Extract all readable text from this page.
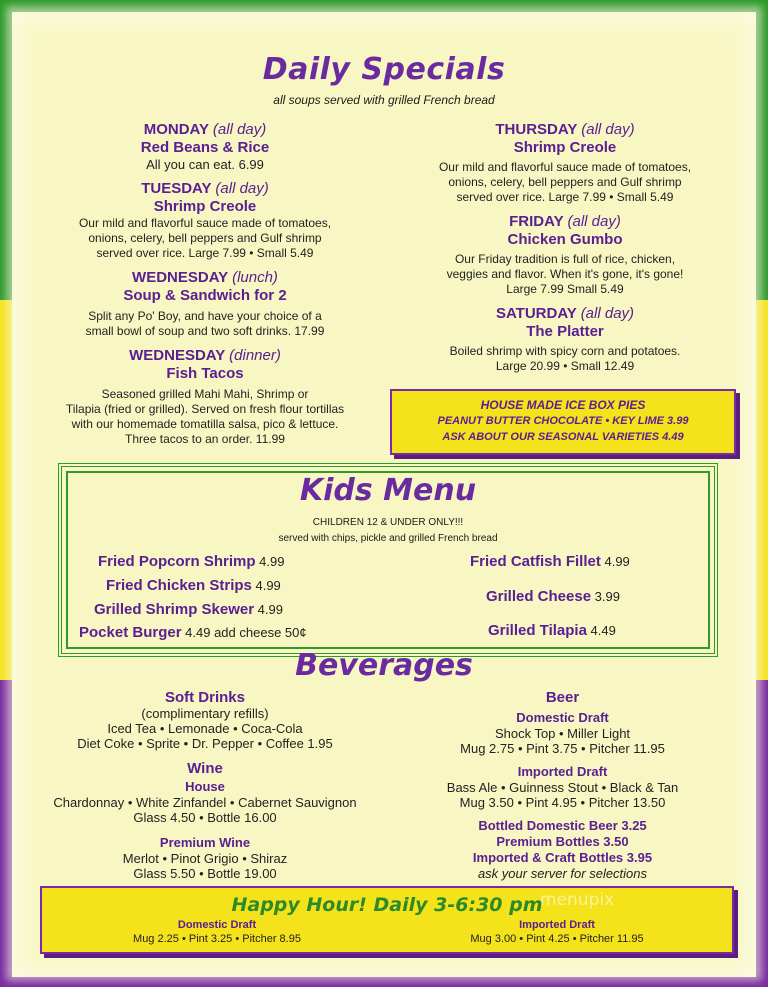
Daily Specials
all soups served with grilled French bread
MONDAY (all day)
Red Beans & Rice
All you can eat. 6.99
TUESDAY (all day)
Shrimp Creole
Our mild and flavorful sauce made of tomatoes,
onions, celery, bell peppers and Gulf shrimp
served over rice. Large 7.99 • Small 5.49
WEDNESDAY (lunch)
Soup & Sandwich for 2
Split any Po' Boy, and have your choice of a
small bowl of soup and two soft drinks. 17.99
WEDNESDAY (dinner)
Fish Tacos
Seasoned grilled Mahi Mahi, Shrimp or
Tilapia (fried or grilled). Served on fresh flour tortillas
with our homemade tomatilla salsa, pico & lettuce.
Three tacos to an order. 11.99
THURSDAY (all day)
Shrimp Creole
Our mild and flavorful sauce made of tomatoes,
onions, celery, bell peppers and Gulf shrimp
served over rice. Large 7.99 • Small 5.49
FRIDAY (all day)
Chicken Gumbo
Our Friday tradition is full of rice, chicken,
veggies and flavor. When it's gone, it's gone!
Large 7.99 Small 5.49
SATURDAY (all day)
The Platter
Boiled shrimp with spicy corn and potatoes.
Large 20.99 • Small 12.49
HOUSE MADE ICE BOX PIES
PEANUT BUTTER CHOCOLATE • KEY LIME 3.99
ASK ABOUT OUR SEASONAL VARIETIES 4.49
Kids Menu
CHILDREN 12 & UNDER ONLY!!!
served with chips, pickle and grilled French bread
Fried Popcorn Shrimp 4.99
Fried Chicken Strips 4.99
Grilled Shrimp Skewer 4.99
Pocket Burger 4.49 add cheese 50¢
Fried Catfish Fillet 4.99
Grilled Cheese 3.99
Grilled Tilapia 4.49
Beverages
Soft Drinks
(complimentary refills)
Iced Tea • Lemonade • Coca-Cola
Diet Coke • Sprite • Dr. Pepper • Coffee 1.95
Wine
House
Chardonnay • White Zinfandel • Cabernet Sauvignon
Glass 4.50 • Bottle 16.00
Premium Wine
Merlot • Pinot Grigio • Shiraz
Glass 5.50 • Bottle 19.00
Beer
Domestic Draft
Shock Top • Miller Light
Mug 2.75 • Pint 3.75 • Pitcher 11.95
Imported Draft
Bass Ale • Guinness Stout • Black & Tan
Mug 3.50 • Pint 4.95 • Pitcher 13.50
Bottled Domestic Beer 3.25
Premium Bottles 3.50
Imported & Craft Bottles 3.95
ask your server for selections
Happy Hour! Daily 3-6:30 pm
Domestic Draft
Mug 2.25 • Pint 3.25 • Pitcher 8.95
Imported Draft
Mug 3.00 • Pint 4.25 • Pitcher 11.95
menupix
